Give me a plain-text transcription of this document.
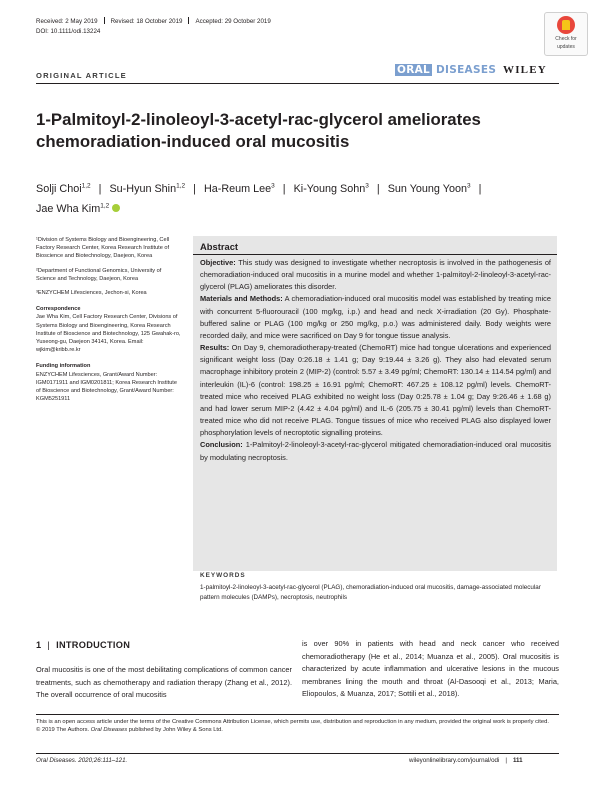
Received: 2 May 2019 Revised: 18 October 2019 Accepted: 29 October 2019
DOI: 10.1111/odi.13224
Check for
updates
ORIGINAL ARTICLE	ORAL DISEASES WILEY
1-Palmitoyl-2-linoleoyl-3-acetyl-rac-glycerol ameliorates chemoradiation-induced oral mucositis
Solji Choi$^{1,2}$ | Su-Hyun Shin$^{1,2}$ | Ha-Reum Lee$^3$ | Ki-Young Sohn$^3$ | Sun Young Yoon$^3$ |
Jae Wha Kim$^{1,2}$

¹Division of Systems Biology and Bioengineering, Cell Factory Research Center, Korea Research Institute of Bioscience and Biotechnology, Daejeon, Korea

²Department of Functional Genomics, University of Science and Technology, Daejeon, Korea

³ENZYCHEM Lifesciences, Jechon-si, Korea

Correspondence

Jae Wha Kim, Cell Factory Research Center, Divisions of Systems Biology and Bioengineering, Korea Research Institute of Bioscience and Biotechnology, 125 Gwahak-ro, Yuseong-gu, Daejeon 34141, Korea. Email: wjkim@kribb.re.kr

Funding information

ENZYCHEM Lifesciences, Grant/Award Number: IGM0171911 and IGM0201811; Korea Research Institute of Bioscience and Biotechnology, Grant/Award Number: KGM5251911

Abstract

Objective: This study was designed to investigate whether necroptosis is involved in the pathogenesis of chemoradiation-induced oral mucositis in a murine model and whether 1-palmitoyl-2-linoleoyl-3-acetyl-rac-glycerol (PLAG) ameliorates this disorder.

Materials and Methods: A chemoradiation-induced oral mucositis model was established by treating mice with concurrent 5-fluorouracil (100 mg/kg, i.p.) and head and neck X-irradiation (20 Gy). Phosphate-buffered saline or PLAG (100 mg/kg or 250 mg/kg, p.o.) was administered daily. Body weights were recorded daily, and mice were sacrificed on Day 9 for tongue tissue analysis.

Results: On Day 9, chemoradiotherapy-treated (ChemoRT) mice had tongue ulcerations and experienced significant weight loss (Day 0:26.18 ± 1.41 g; Day 9:19.44 ± 3.26 g). They also had elevated serum macrophage inhibitory protein 2 (MIP-2) (control: 5.57 ± 3.49 pg/ml; ChemoRT: 130.14 ± 114.54 pg/ml) and interleukin (IL)-6 (control: 198.25 ± 16.91 pg/ml; ChemoRT: 467.25 ± 108.12 pg/ml) levels. ChemoRT-treated mice who received PLAG exhibited no weight loss (Day 0:25.78 ± 1.04 g; Day 9:26.46 ± 1.68 g) and had lower serum MIP-2 (4.42 ± 4.04 pg/ml) and IL-6 (205.75 ± 30.41 pg/ml) levels than ChemoRT-treated mice who did not receive PLAG. Tongue tissues of mice who received PLAG also displayed lower phosphorylation levels of necroptotic signalling proteins.

Conclusion: 1-Palmitoyl-2-linoleoyl-3-acetyl-rac-glycerol mitigated chemoradiation-induced oral mucositis by modulating necroptosis.

KEYWORDS
1-palmitoyl-2-linoleoyl-3-acetyl-rac-glycerol (PLAG), chemoradiation-induced oral mucositis, damage-associated molecular pattern molecules (DAMPs), necroptosis, neutrophils
1 | INTRODUCTION
Oral mucositis is one of the most debilitating complications of common cancer treatments, such as chemotherapy and radiation therapy (Zhang et al., 2012). The overall occurrence of oral mucositis
is over 90% in patients with head and neck cancer who received chemoradiotherapy (He et al., 2014; Muanza et al., 2005). Oral mucositis is characterized by acute inflammation and ulcerative lesions in the mucous membranes lining the mouth and throat (Al-Dasooqi et al., 2013; Maria, Eliopoulos, & Muanza, 2017; Sottili et al., 2018).

This is an open access article under the terms of the Creative Commons Attribution License, which permits use, distribution and reproduction in any medium, provided the original work is properly cited.

© 2019 The Authors. Oral Diseases published by John Wiley & Sons Ltd.

Oral Diseases. 2020;26:111–121.	wileyonlinelibrary.com/journal/odi | 111
